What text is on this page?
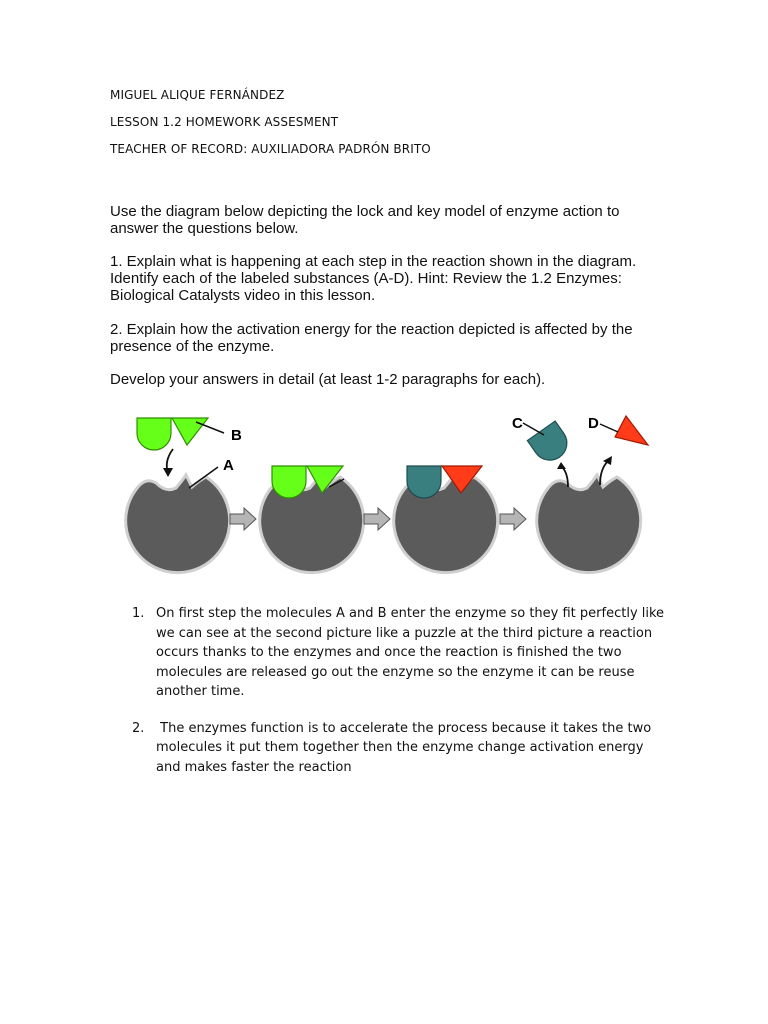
MIGUEL ALIQUE FERNÁNDEZ
LESSON 1.2 HOMEWORK ASSESMENT
TEACHER OF RECORD: AUXILIADORA PADRÓN BRITO
Use the diagram below depicting the lock and key model of enzyme action to answer the questions below.
1. Explain what is happening at each step in the reaction shown in the diagram. Identify each of the labeled substances (A-D). Hint: Review the 1.2 Enzymes: Biological Catalysts video in this lesson.
2. Explain how the activation energy for the reaction depicted is affected by the presence of the enzyme.
Develop your answers in detail (at least 1-2 paragraphs for each).
B
A
C	D
1. On first step the molecules A and B enter the enzyme so they fit perfectly like we can see at the second picture like a puzzle at the third picture a reaction occurs thanks to the enzymes and once the reaction is finished the two molecules are released go out the enzyme so the enzyme it can be reuse another time.
2. The enzymes function is to accelerate the process because it takes the two molecules it put them together then the enzyme change activation energy and makes faster the reaction
